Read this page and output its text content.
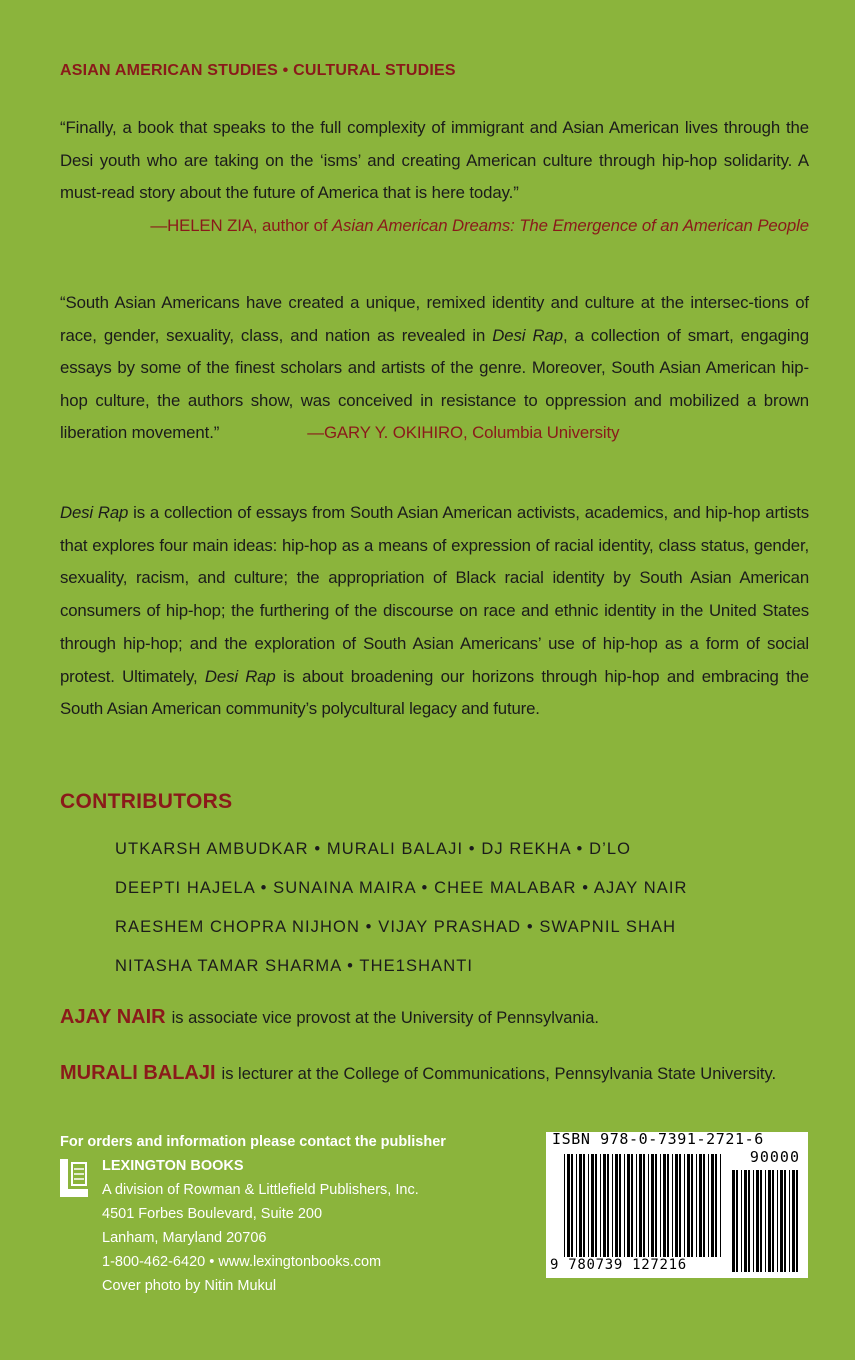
ASIAN AMERICAN STUDIES • CULTURAL STUDIES
“Finally, a book that speaks to the full complexity of immigrant and Asian American lives through the Desi youth who are taking on the ‘isms’ and creating American culture through hip-hop solidarity. A must-read story about the future of America that is here today.”
—HELEN ZIA, author of Asian American Dreams: The Emergence of an American People
“South Asian Americans have created a unique, remixed identity and culture at the intersec-tions of race, gender, sexuality, class, and nation as revealed in Desi Rap, a collection of smart, engaging essays by some of the finest scholars and artists of the genre. Moreover, South Asian American hip-hop culture, the authors show, was conceived in resistance to oppression and mobilized a brown liberation movement.”	—GARY Y. OKIHIRO, Columbia University
Desi Rap is a collection of essays from South Asian American activists, academics, and hip-hop artists that explores four main ideas: hip-hop as a means of expression of racial identity, class status, gender, sexuality, racism, and culture; the appropriation of Black racial identity by South Asian American consumers of hip-hop; the furthering of the discourse on race and ethnic identity in the United States through hip-hop; and the exploration of South Asian Americans’ use of hip-hop as a form of social protest. Ultimately, Desi Rap is about broadening our horizons through hip-hop and embracing the South Asian American community’s polycultural legacy and future.
CONTRIBUTORS
UTKARSH AMBUDKAR • MURALI BALAJI • DJ REKHA • D’LO
DEEPTI HAJELA • SUNAINA MAIRA • CHEE MALABAR • AJAY NAIR
RAESHEM CHOPRA NIJHON • VIJAY PRASHAD • SWAPNIL SHAH
NITASHA TAMAR SHARMA • THE1SHANTI
AJAY NAIR is associate vice provost at the University of Pennsylvania.
MURALI BALAJI is lecturer at the College of Communications, Pennsylvania State University.
For orders and information please contact the publisher
LEXINGTON BOOKS
A division of Rowman & Littlefield Publishers, Inc.
4501 Forbes Boulevard, Suite 200
Lanham, Maryland 20706
1-800-462-6420 • www.lexingtonbooks.com
Cover photo by Nitin Mukul
ISBN 978-0-7391-2721-6
90000
9 780739 127216
